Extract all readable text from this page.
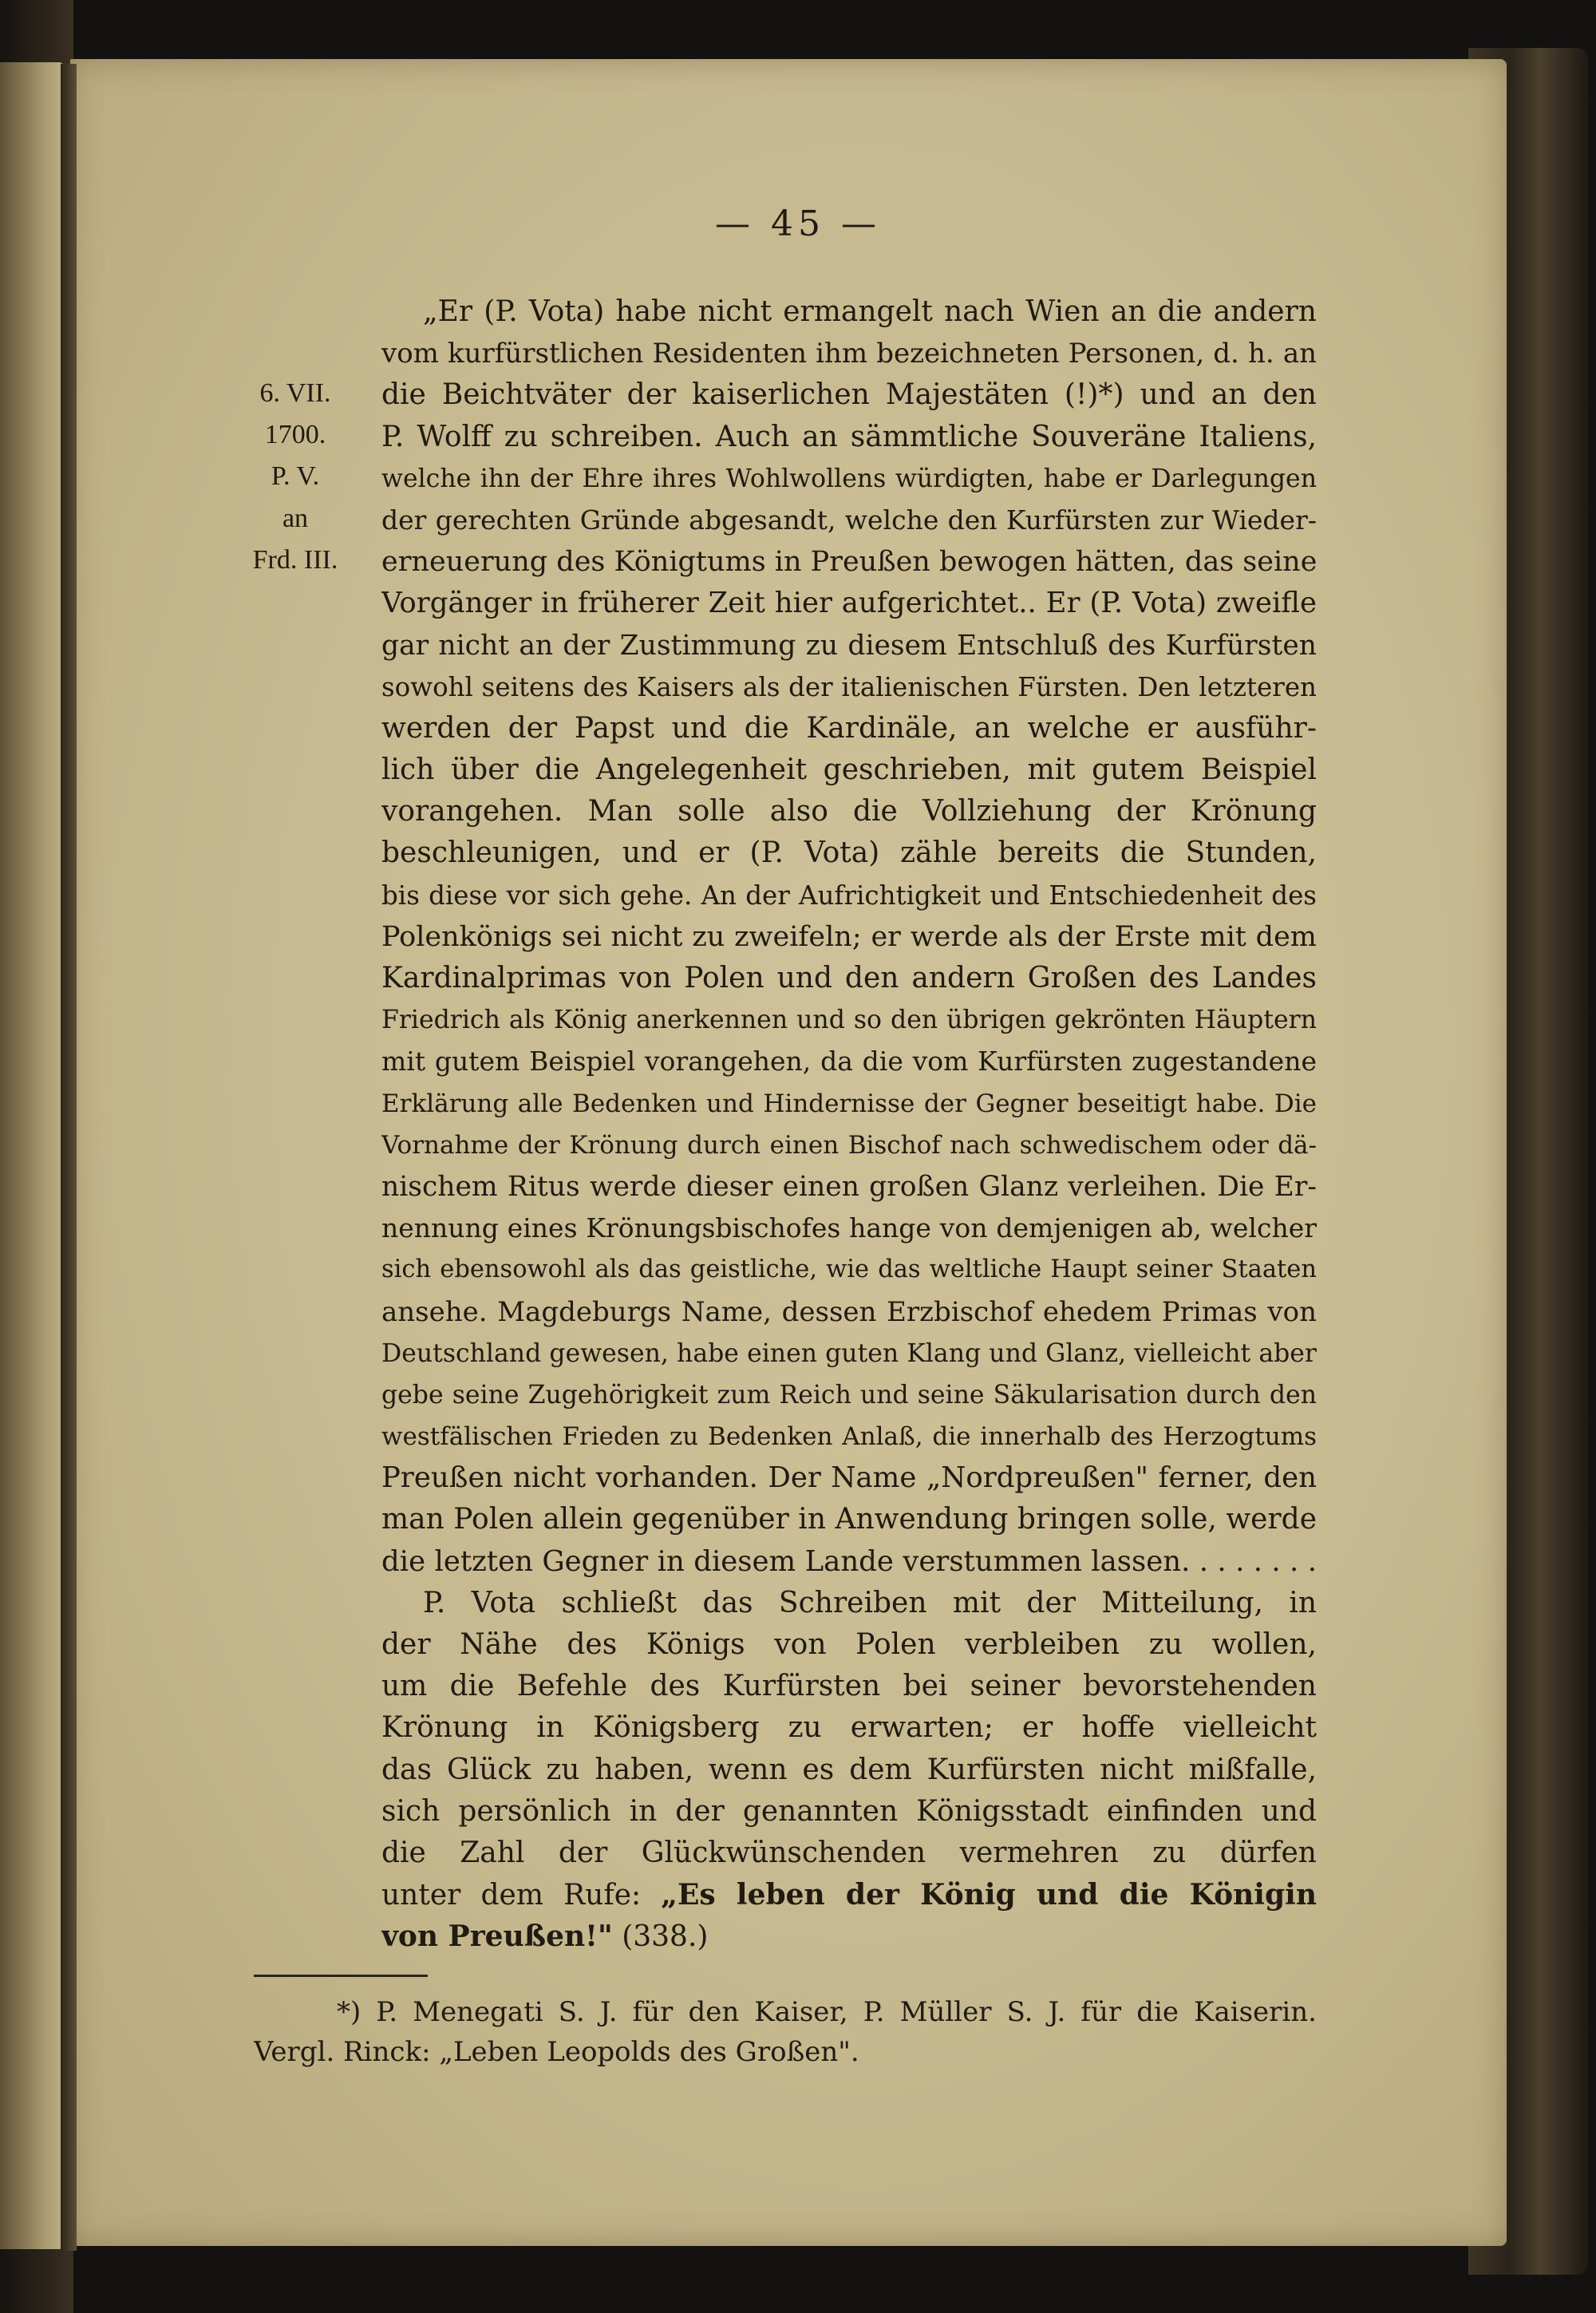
— 45 —
6. VII.
1700.
P. V.
an
Frd. III.
„Er (P. Vota) habe nicht ermangelt nach Wien an die andern
vom kurfürstlichen Residenten ihm bezeichneten Personen, d. h. an
die Beichtväter der kaiserlichen Majestäten (!)*) und an den
P. Wolff zu schreiben. Auch an sämmtliche Souveräne Italiens,
welche ihn der Ehre ihres Wohlwollens würdigten, habe er Darlegungen
der gerechten Gründe abgesandt, welche den Kurfürsten zur Wieder-
erneuerung des Königtums in Preußen bewogen hätten, das seine
Vorgänger in früherer Zeit hier aufgerichtet.. Er (P. Vota) zweifle
gar nicht an der Zustimmung zu diesem Entschluß des Kurfürsten
sowohl seitens des Kaisers als der italienischen Fürsten. Den letzteren
werden der Papst und die Kardinäle, an welche er ausführ-
lich über die Angelegenheit geschrieben, mit gutem Beispiel
vorangehen. Man solle also die Vollziehung der Krönung
beschleunigen, und er (P. Vota) zähle bereits die Stunden,
bis diese vor sich gehe. An der Aufrichtigkeit und Entschiedenheit des
Polenkönigs sei nicht zu zweifeln; er werde als der Erste mit dem
Kardinalprimas von Polen und den andern Großen des Landes
Friedrich als König anerkennen und so den übrigen gekrönten Häuptern
mit gutem Beispiel vorangehen, da die vom Kurfürsten zugestandene
Erklärung alle Bedenken und Hindernisse der Gegner beseitigt habe. Die
Vornahme der Krönung durch einen Bischof nach schwedischem oder dä-
nischem Ritus werde dieser einen großen Glanz verleihen. Die Er-
nennung eines Krönungsbischofes hange von demjenigen ab, welcher
sich ebensowohl als das geistliche, wie das weltliche Haupt seiner Staaten
ansehe. Magdeburgs Name, dessen Erzbischof ehedem Primas von
Deutschland gewesen, habe einen guten Klang und Glanz, vielleicht aber
gebe seine Zugehörigkeit zum Reich und seine Säkularisation durch den
westfälischen Frieden zu Bedenken Anlaß, die innerhalb des Herzogtums
Preußen nicht vorhanden. Der Name „Nordpreußen" ferner, den
man Polen allein gegenüber in Anwendung bringen solle, werde
die letzten Gegner in diesem Lande verstummen lassen. . . . . . . .
P. Vota schließt das Schreiben mit der Mitteilung, in
der Nähe des Königs von Polen verbleiben zu wollen,
um die Befehle des Kurfürsten bei seiner bevorstehenden
Krönung in Königsberg zu erwarten; er hoffe vielleicht
das Glück zu haben, wenn es dem Kurfürsten nicht mißfalle,
sich persönlich in der genannten Königsstadt einfinden und
die Zahl der Glückwünschenden vermehren zu dürfen
unter dem Rufe: „Es leben der König und die Königin
von Preußen!" (338.)
*) P. Menegati S. J. für den Kaiser, P. Müller S. J. für die Kaiserin.
Vergl. Rinck: „Leben Leopolds des Großen".
